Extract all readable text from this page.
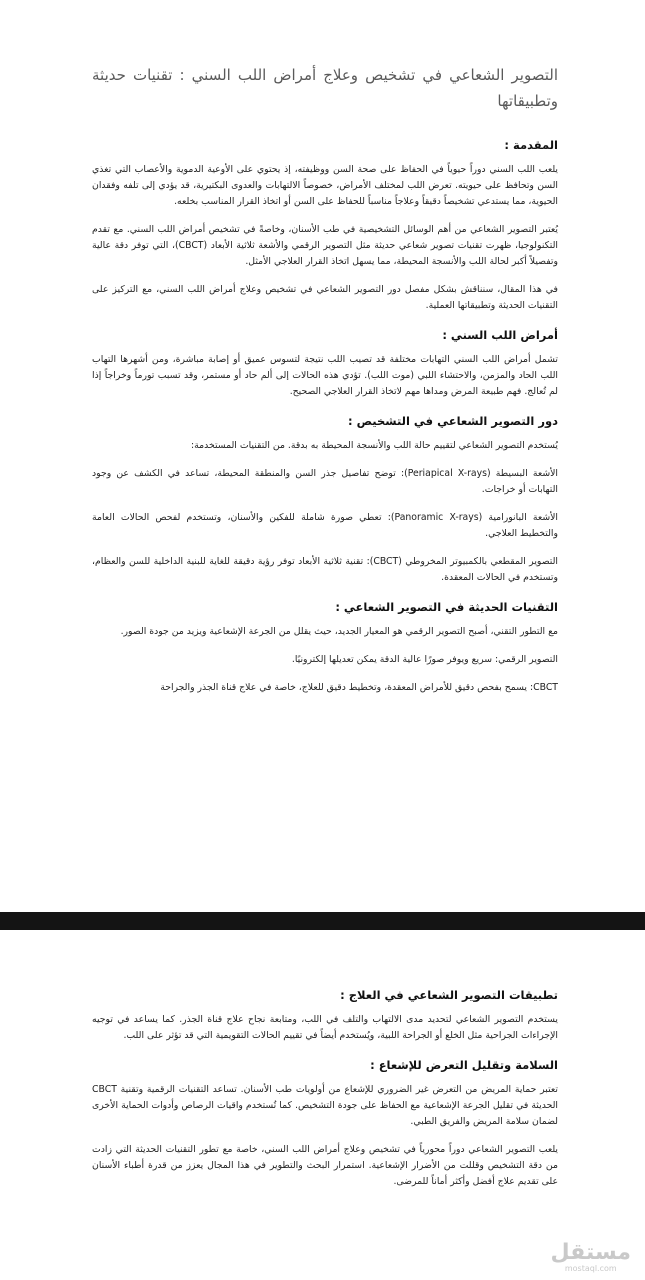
التصوير الشعاعي في تشخيص وعلاج أمراض اللب السني : تقنيات حديثة وتطبيقاتها
المقدمة :

يلعب اللب السني دوراً حيوياً في الحفاظ على صحة السن ووظيفته، إذ يحتوي على الأوعية الدموية والأعصاب التي تغذي السن وتحافظ على حيويته. تعرض اللب لمختلف الأمراض، خصوصاً الالتهابات والعدوى البكتيرية، قد يؤدي إلى تلفه وفقدان الحيوية، مما يستدعي تشخيصاً دقيقاً وعلاجاً مناسباً للحفاظ على السن أو اتخاذ القرار المناسب بخلعه.

يُعتبر التصوير الشعاعي من أهم الوسائل التشخيصية في طب الأسنان، وخاصةً في تشخيص أمراض اللب السني. مع تقدم التكنولوجيا، ظهرت تقنيات تصوير شعاعي حديثة مثل التصوير الرقمي والأشعة ثلاثية الأبعاد (CBCT)، التي توفر دقة عالية وتفصيلاً أكبر لحالة اللب والأنسجة المحيطة، مما يسهل اتخاذ القرار العلاجي الأمثل.

في هذا المقال، سنناقش بشكل مفصل دور التصوير الشعاعي في تشخيص وعلاج أمراض اللب السني، مع التركيز على التقنيات الحديثة وتطبيقاتها العملية.

أمراض اللب السني :

تشمل أمراض اللب السني التهابات مختلفة قد تصيب اللب نتيجة لتسوس عميق أو إصابة مباشرة، ومن أشهرها التهاب اللب الحاد والمزمن، والاحتشاء اللبي (موت اللب). تؤدي هذه الحالات إلى ألم حاد أو مستمر، وقد تسبب تورماً وخراجاً إذا لم تُعالج. فهم طبيعة المرض ومداها مهم لاتخاذ القرار العلاجي الصحيح.

دور التصوير الشعاعي في التشخيص :

يُستخدم التصوير الشعاعي لتقييم حالة اللب والأنسجة المحيطة به بدقة. من التقنيات المستخدمة:

الأشعة البسيطة (Periapical X-rays): توضح تفاصيل جذر السن والمنطقة المحيطة، تساعد في الكشف عن وجود التهابات أو خراجات.

الأشعة البانورامية (Panoramic X-rays): تعطي صورة شاملة للفكين والأسنان، وتستخدم لفحص الحالات العامة والتخطيط العلاجي.

التصوير المقطعي بالكمبيوتر المخروطي (CBCT): تقنية ثلاثية الأبعاد توفر رؤية دقيقة للغاية للبنية الداخلية للسن والعظام، وتستخدم في الحالات المعقدة.

التقنيات الحديثة في التصوير الشعاعي :

مع التطور التقني، أصبح التصوير الرقمي هو المعيار الجديد، حيث يقلل من الجرعة الإشعاعية ويزيد من جودة الصور.

التصوير الرقمي: سريع ويوفر صورًا عالية الدقة يمكن تعديلها إلكترونيًا.

CBCT: يسمح بفحص دقيق للأمراض المعقدة، وتخطيط دقيق للعلاج، خاصة في علاج قناة الجذر والجراحة

تطبيقات التصوير الشعاعي في العلاج :

يستخدم التصوير الشعاعي لتحديد مدى الالتهاب والتلف في اللب، ومتابعة نجاح علاج قناة الجذر. كما يساعد في توجيه الإجراءات الجراحية مثل الخلع أو الجراحة اللبية، ويُستخدم أيضاً في تقييم الحالات التقويمية التي قد تؤثر على اللب.

السلامة وتقليل التعرض للإشعاع :

تعتبر حماية المريض من التعرض غير الضروري للإشعاع من أولويات طب الأسنان. تساعد التقنيات الرقمية وتقنية CBCT الحديثة في تقليل الجرعة الإشعاعية مع الحفاظ على جودة التشخيص. كما تُستخدم واقيات الرصاص وأدوات الحماية الأخرى لضمان سلامة المريض والفريق الطبي.

يلعب التصوير الشعاعي دوراً محورياً في تشخيص وعلاج أمراض اللب السني، خاصة مع تطور التقنيات الحديثة التي زادت من دقة التشخيص وقللت من الأضرار الإشعاعية. استمرار البحث والتطوير في هذا المجال يعزز من قدرة أطباء الأسنان على تقديم علاج أفضل وأكثر أماناً للمرضى.

مستقل
mostaql.com
